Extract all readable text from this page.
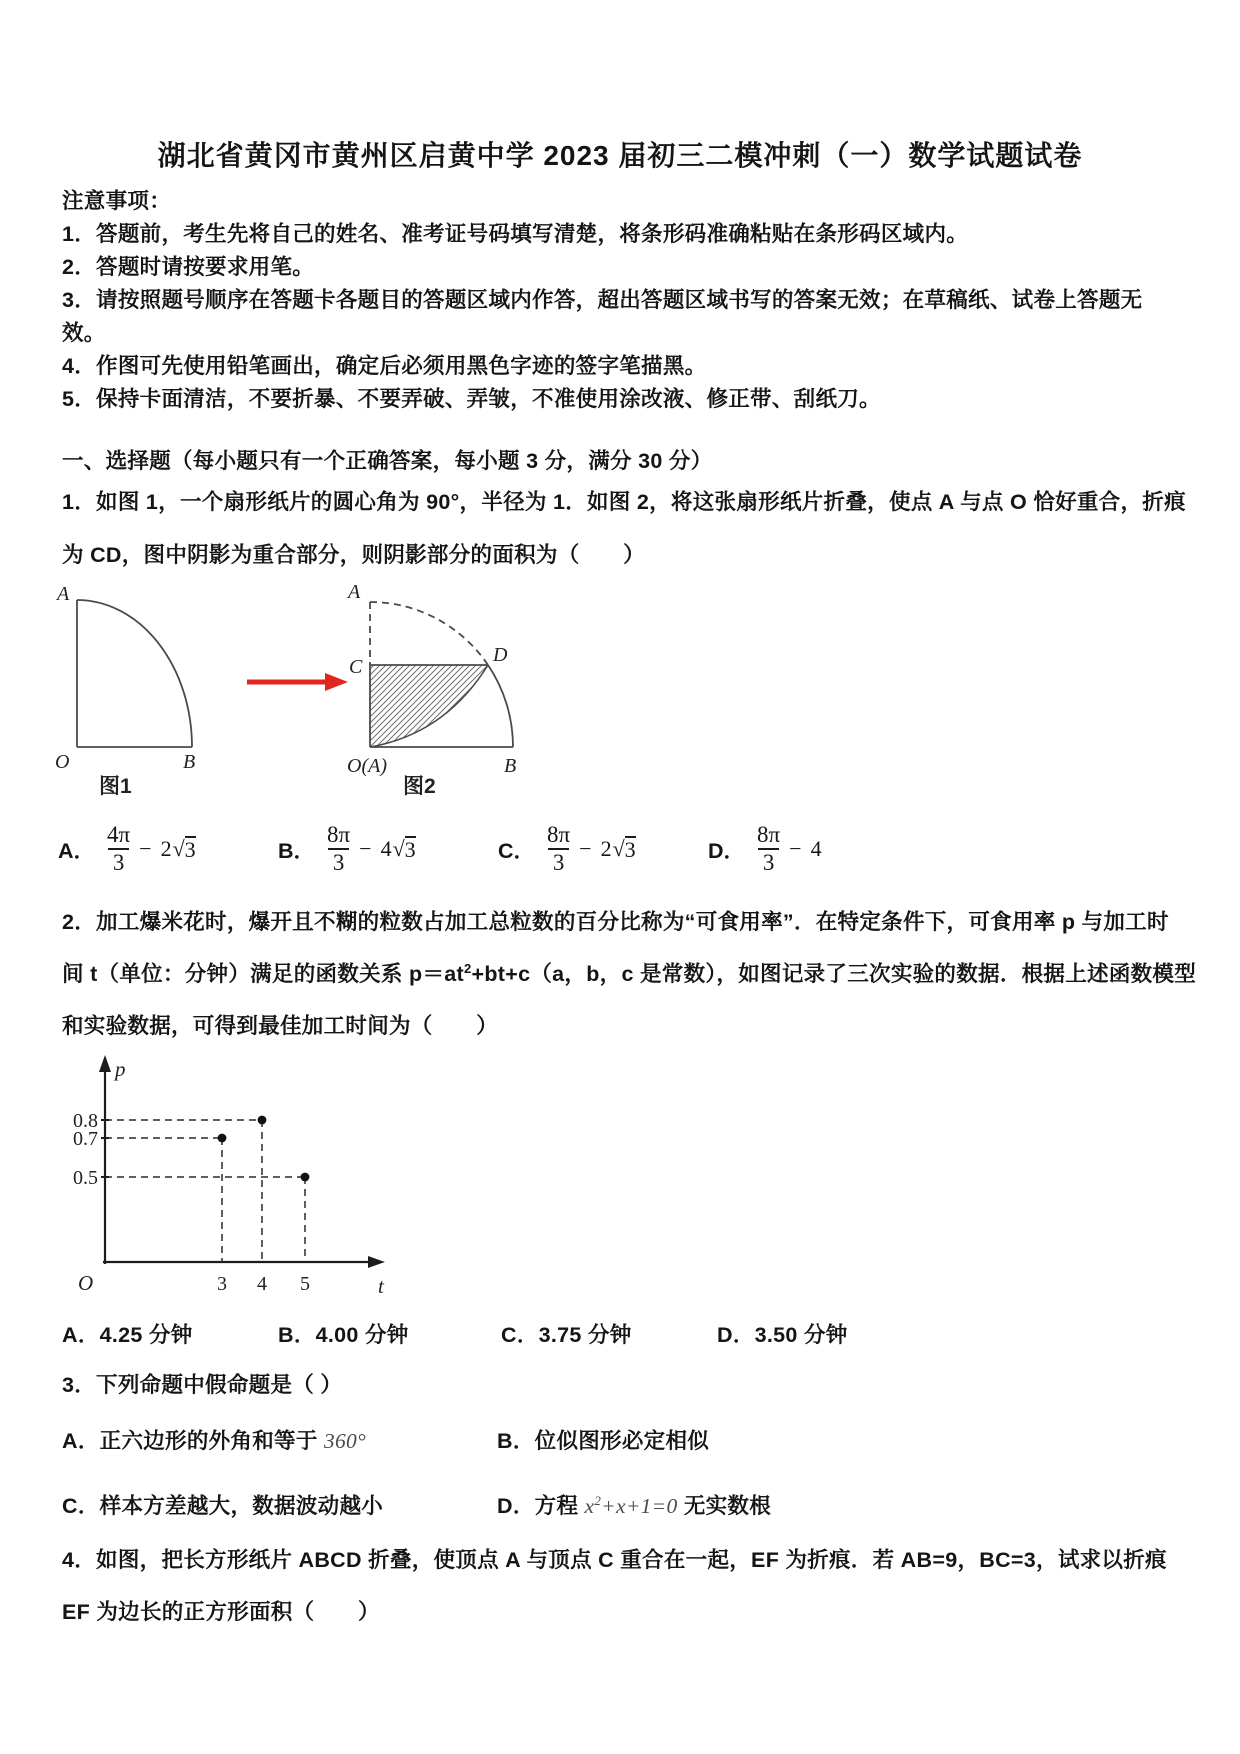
湖北省黄冈市黄州区启黄中学 2023 届初三二模冲刺（一）数学试题试卷
注意事项：
1．答题前，考生先将自己的姓名、准考证号码填写清楚，将条形码准确粘贴在条形码区域内。
2．答题时请按要求用笔。
3．请按照题号顺序在答题卡各题目的答题区域内作答，超出答题区域书写的答案无效；在草稿纸、试卷上答题无
效。
4．作图可先使用铅笔画出，确定后必须用黑色字迹的签字笔描黑。
5．保持卡面清洁，不要折暴、不要弄破、弄皱，不准使用涂改液、修正带、刮纸刀。
一、选择题（每小题只有一个正确答案，每小题 3 分，满分 30 分）
1．如图 1，一个扇形纸片的圆心角为 90°，半径为 1．如图 2，将这张扇形纸片折叠，使点 A 与点 O 恰好重合，折痕
为 CD，图中阴影为重合部分，则阴影部分的面积为（　　）
A
O	B
图1
A
C
D
O(A)	B
图2
A． $\frac{4\pi}{3} - 2$ √ 3	B． $\frac{8\pi}{3} - 4$ √ 3	C． $\frac{8\pi}{3} - 2$ √ 3	D． $\frac{8\pi}{3} - 4$
2．加工爆米花时，爆开且不糊的粒数占加工总粒数的百分比称为“可食用率”．在特定条件下，可食用率 p 与加工时
间 t（单位：分钟）满足的函数关系 $p=at^2+bt+c(a$，b，c 是常数），如图记录了三次实验的数据．根据上述函数模型
和实验数据，可得到最佳加工时间为（　　）
p
t
O
0.8
0.7
0.5
3 4 5
A．4.25 分钟	B．4.00 分钟	C．3.75 分钟	D．3.50 分钟
3．下列命题中假命题是（ ）
A．正六边形的外角和等于 360°	B．位似图形必定相似
C．样本方差越大，数据波动越小	D．方程 $x^2+x+1=0$ 无实数根
4．如图，把长方形纸片 ABCD 折叠，使顶点 A 与顶点 C 重合在一起，EF 为折痕．若 AB=9，BC=3，试求以折痕
EF 为边长的正方形面积（　　）
